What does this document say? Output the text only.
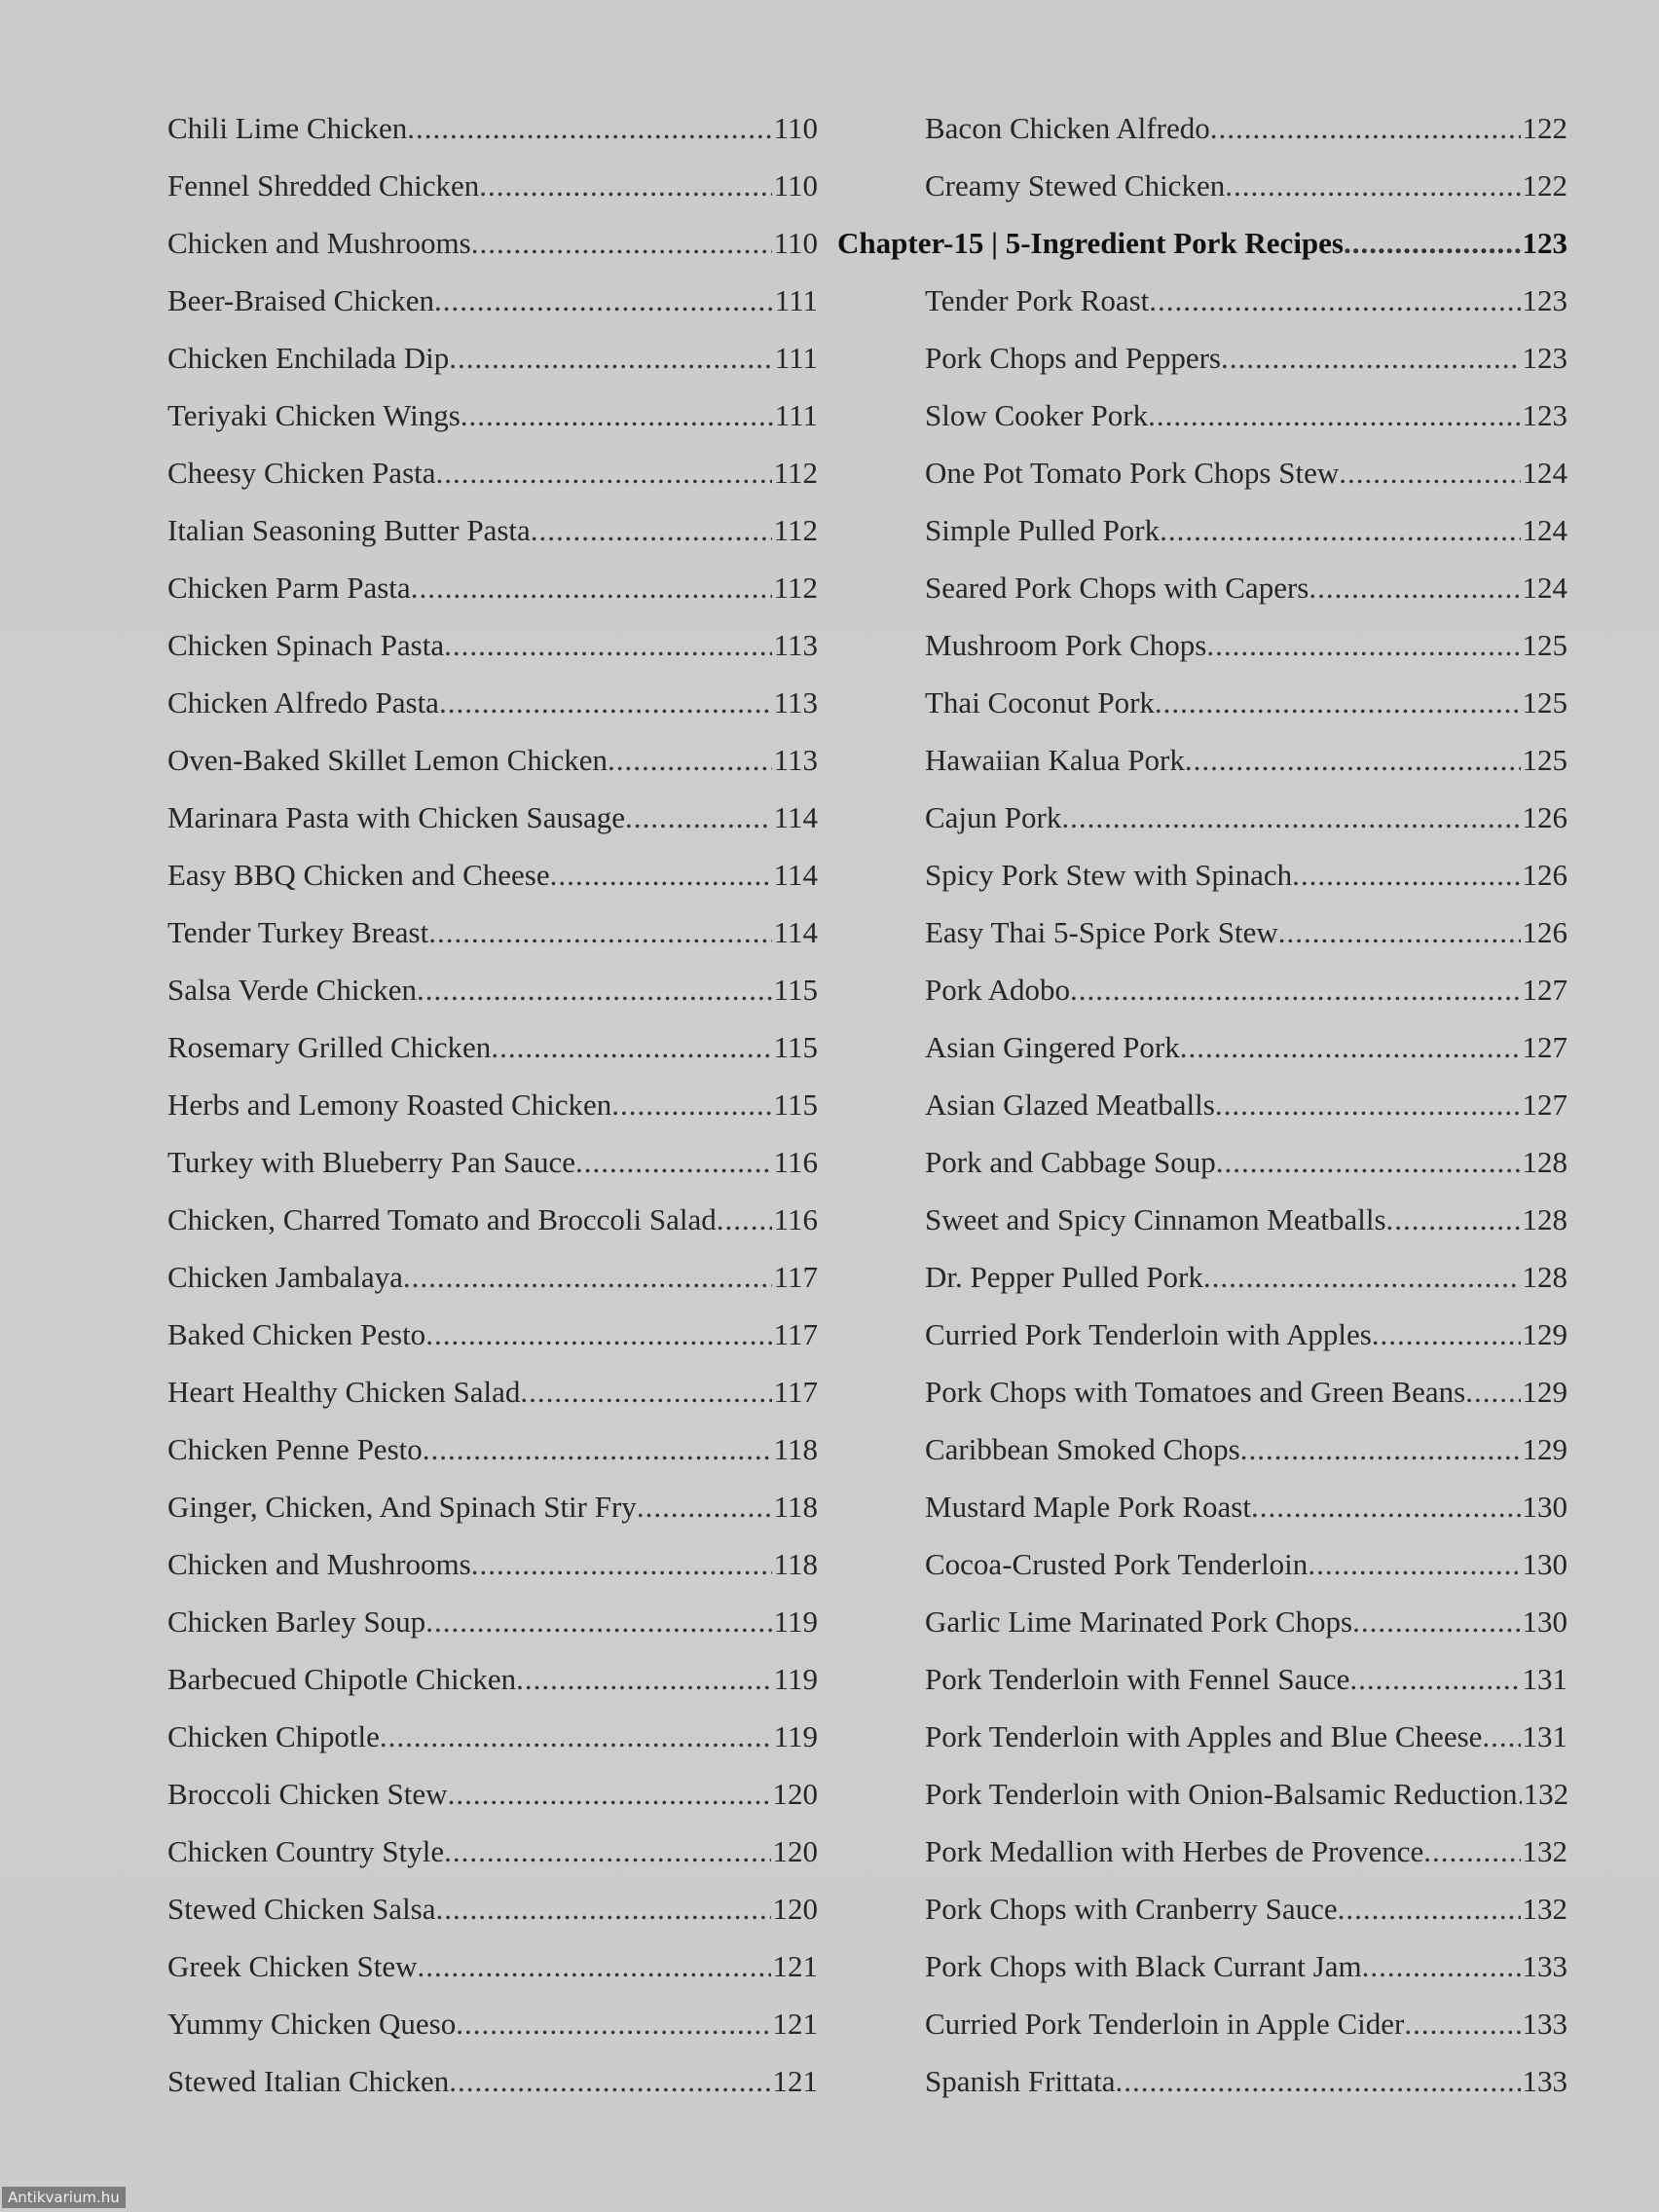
Chili Lime Chicken .....	110
Fennel Shredded Chicken .....	110
Chicken and Mushrooms .....	110
Beer-Braised Chicken .....	111
Chicken Enchilada Dip .....	111
Teriyaki Chicken Wings .....	111
Cheesy Chicken Pasta .....	112
Italian Seasoning Butter Pasta .....	112
Chicken Parm Pasta .....	112
Chicken Spinach Pasta .....	113
Chicken Alfredo Pasta .....	113
Oven-Baked Skillet Lemon Chicken .....	113
Marinara Pasta with Chicken Sausage .....	114
Easy BBQ Chicken and Cheese .....	114
Tender Turkey Breast .....	114
Salsa Verde Chicken .....	115
Rosemary Grilled Chicken .....	115
Herbs and Lemony Roasted Chicken .....	115
Turkey with Blueberry Pan Sauce .....	116
Chicken, Charred Tomato and Broccoli Salad ..... 116
Chicken Jambalaya .....	117
Baked Chicken Pesto .....	117
Heart Healthy Chicken Salad .....	117
Chicken Penne Pesto .....	118
Ginger, Chicken, And Spinach Stir Fry .....	118
Chicken and Mushrooms .....	118
Chicken Barley Soup .....	119
Barbecued Chipotle Chicken .....	119
Chicken Chipotle .....	119
Broccoli Chicken Stew .....	120
Chicken Country Style .....	120
Stewed Chicken Salsa .....	120
Greek Chicken Stew .....	121
Yummy Chicken Queso .....	121
Stewed Italian Chicken .....	121
Bacon Chicken Alfredo .....	122
Creamy Stewed Chicken .....	122
Chapter-15 | 5-Ingredient Pork Recipes .....	123
Tender Pork Roast .....	123
Pork Chops and Peppers .....	123
Slow Cooker Pork .....	123
One Pot Tomato Pork Chops Stew .....	124
Simple Pulled Pork .....	124
Seared Pork Chops with Capers .....	124
Mushroom Pork Chops .....	125
Thai Coconut Pork .....	125
Hawaiian Kalua Pork .....	125
Cajun Pork .....	126
Spicy Pork Stew with Spinach .....	126
Easy Thai 5-Spice Pork Stew .....	126
Pork Adobo .....	127
Asian Gingered Pork .....	127
Asian Glazed Meatballs .....	127
Pork and Cabbage Soup .....	128
Sweet and Spicy Cinnamon Meatballs .....	128
Dr. Pepper Pulled Pork .....	128
Curried Pork Tenderloin with Apples .....	129
Pork Chops with Tomatoes and Green Beans ..... 129
Caribbean Smoked Chops .....	129
Mustard Maple Pork Roast .....	130
Cocoa-Crusted Pork Tenderloin .....	130
Garlic Lime Marinated Pork Chops .....	130
Pork Tenderloin with Fennel Sauce .....	131
Pork Tenderloin with Apples and Blue Cheese ..... 131
Pork Tenderloin with Onion-Balsamic Reduction ..... 132
Pork Medallion with Herbes de Provence .....	132
Pork Chops with Cranberry Sauce .....	132
Pork Chops with Black Currant Jam .....	133
Curried Pork Tenderloin in Apple Cider .....	133
Spanish Frittata .....	133
Antikvarium.hu
